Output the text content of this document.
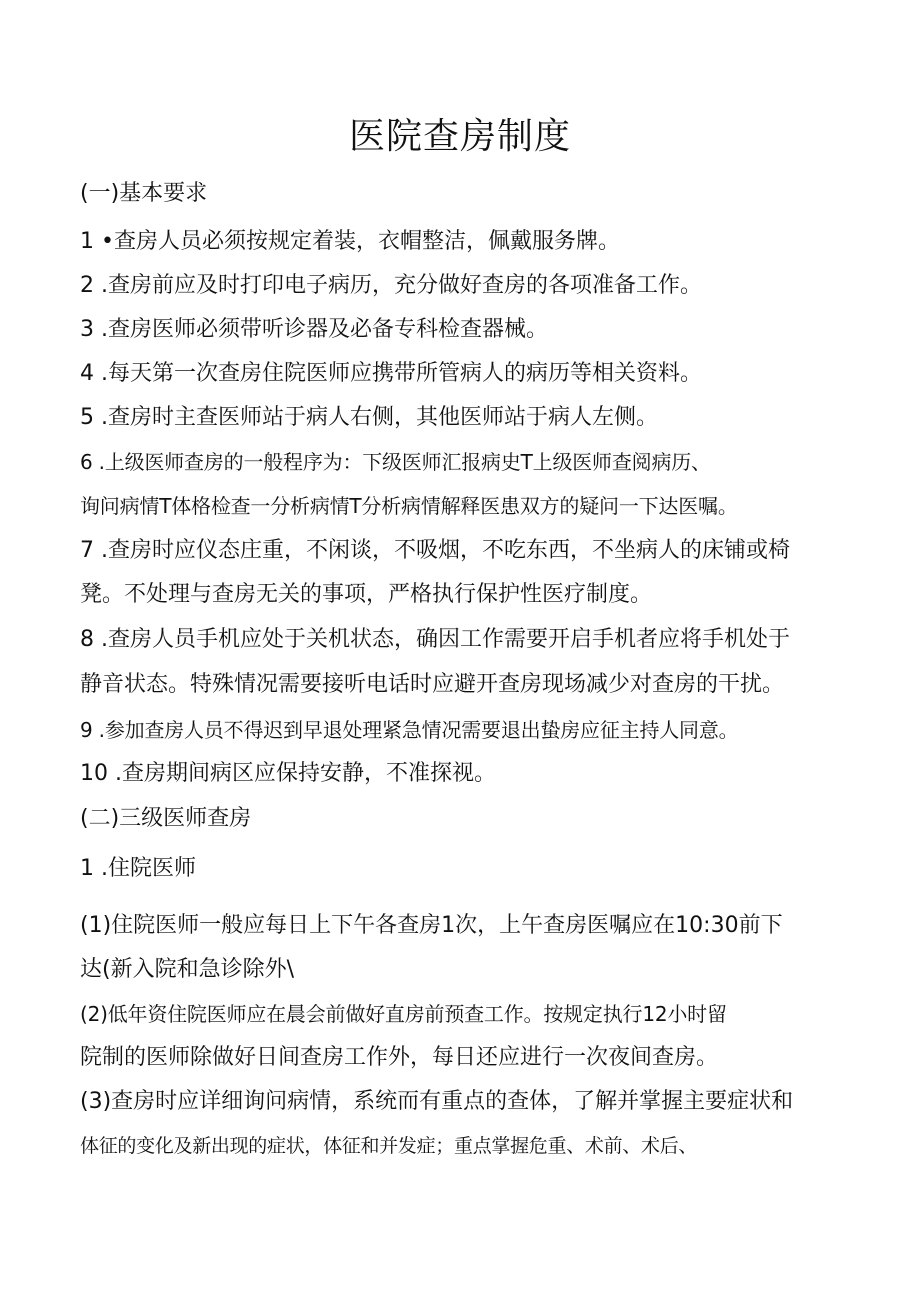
医院查房制度

(一)基本要求

1 •查房人员必须按规定着装，衣帽整洁，佩戴服务牌。

2 .查房前应及时打印电子病历，充分做好查房的各项准备工作。

3 .查房医师必须带听诊器及必备专科检查器械。

4 .每天第一次查房住院医师应携带所管病人的病历等相关资料。

5 .查房时主查医师站于病人右侧，其他医师站于病人左侧。

6 .上级医师查房的一般程序为：下级医师汇报病史T上级医师查阅病历、

询问病情T体格检查一分析病情T分析病情解释医患双方的疑问一下达医嘱。

7 .查房时应仪态庄重，不闲谈，不吸烟，不吃东西，不坐病人的床铺或椅

凳。不处理与查房无关的事项，严格执行保护性医疗制度。

8 .查房人员手机应处于关机状态，确因工作需要开启手机者应将手机处于

静音状态。特殊情况需要接听电话时应避开查房现场减少对查房的干扰。

9 .参加查房人员不得迟到早退处理紧急情况需要退出蛰房应征主持人同意。

10 .查房期间病区应保持安静，不准探视。

(二)三级医师查房

1 .住院医师

(1)住院医师一般应每日上下午各查房1次，上午查房医嘱应在10:30前下

达(新入院和急诊除外\

(2)低年资住院医师应在晨会前做好直房前预查工作。按规定执行12小时留

院制的医师除做好日间查房工作外，每日还应进行一次夜间查房。

(3)查房时应详细询问病情，系统而有重点的查体，了解并掌握主要症状和

体征的变化及新出现的症状，体征和并发症；重点掌握危重、术前、术后、
